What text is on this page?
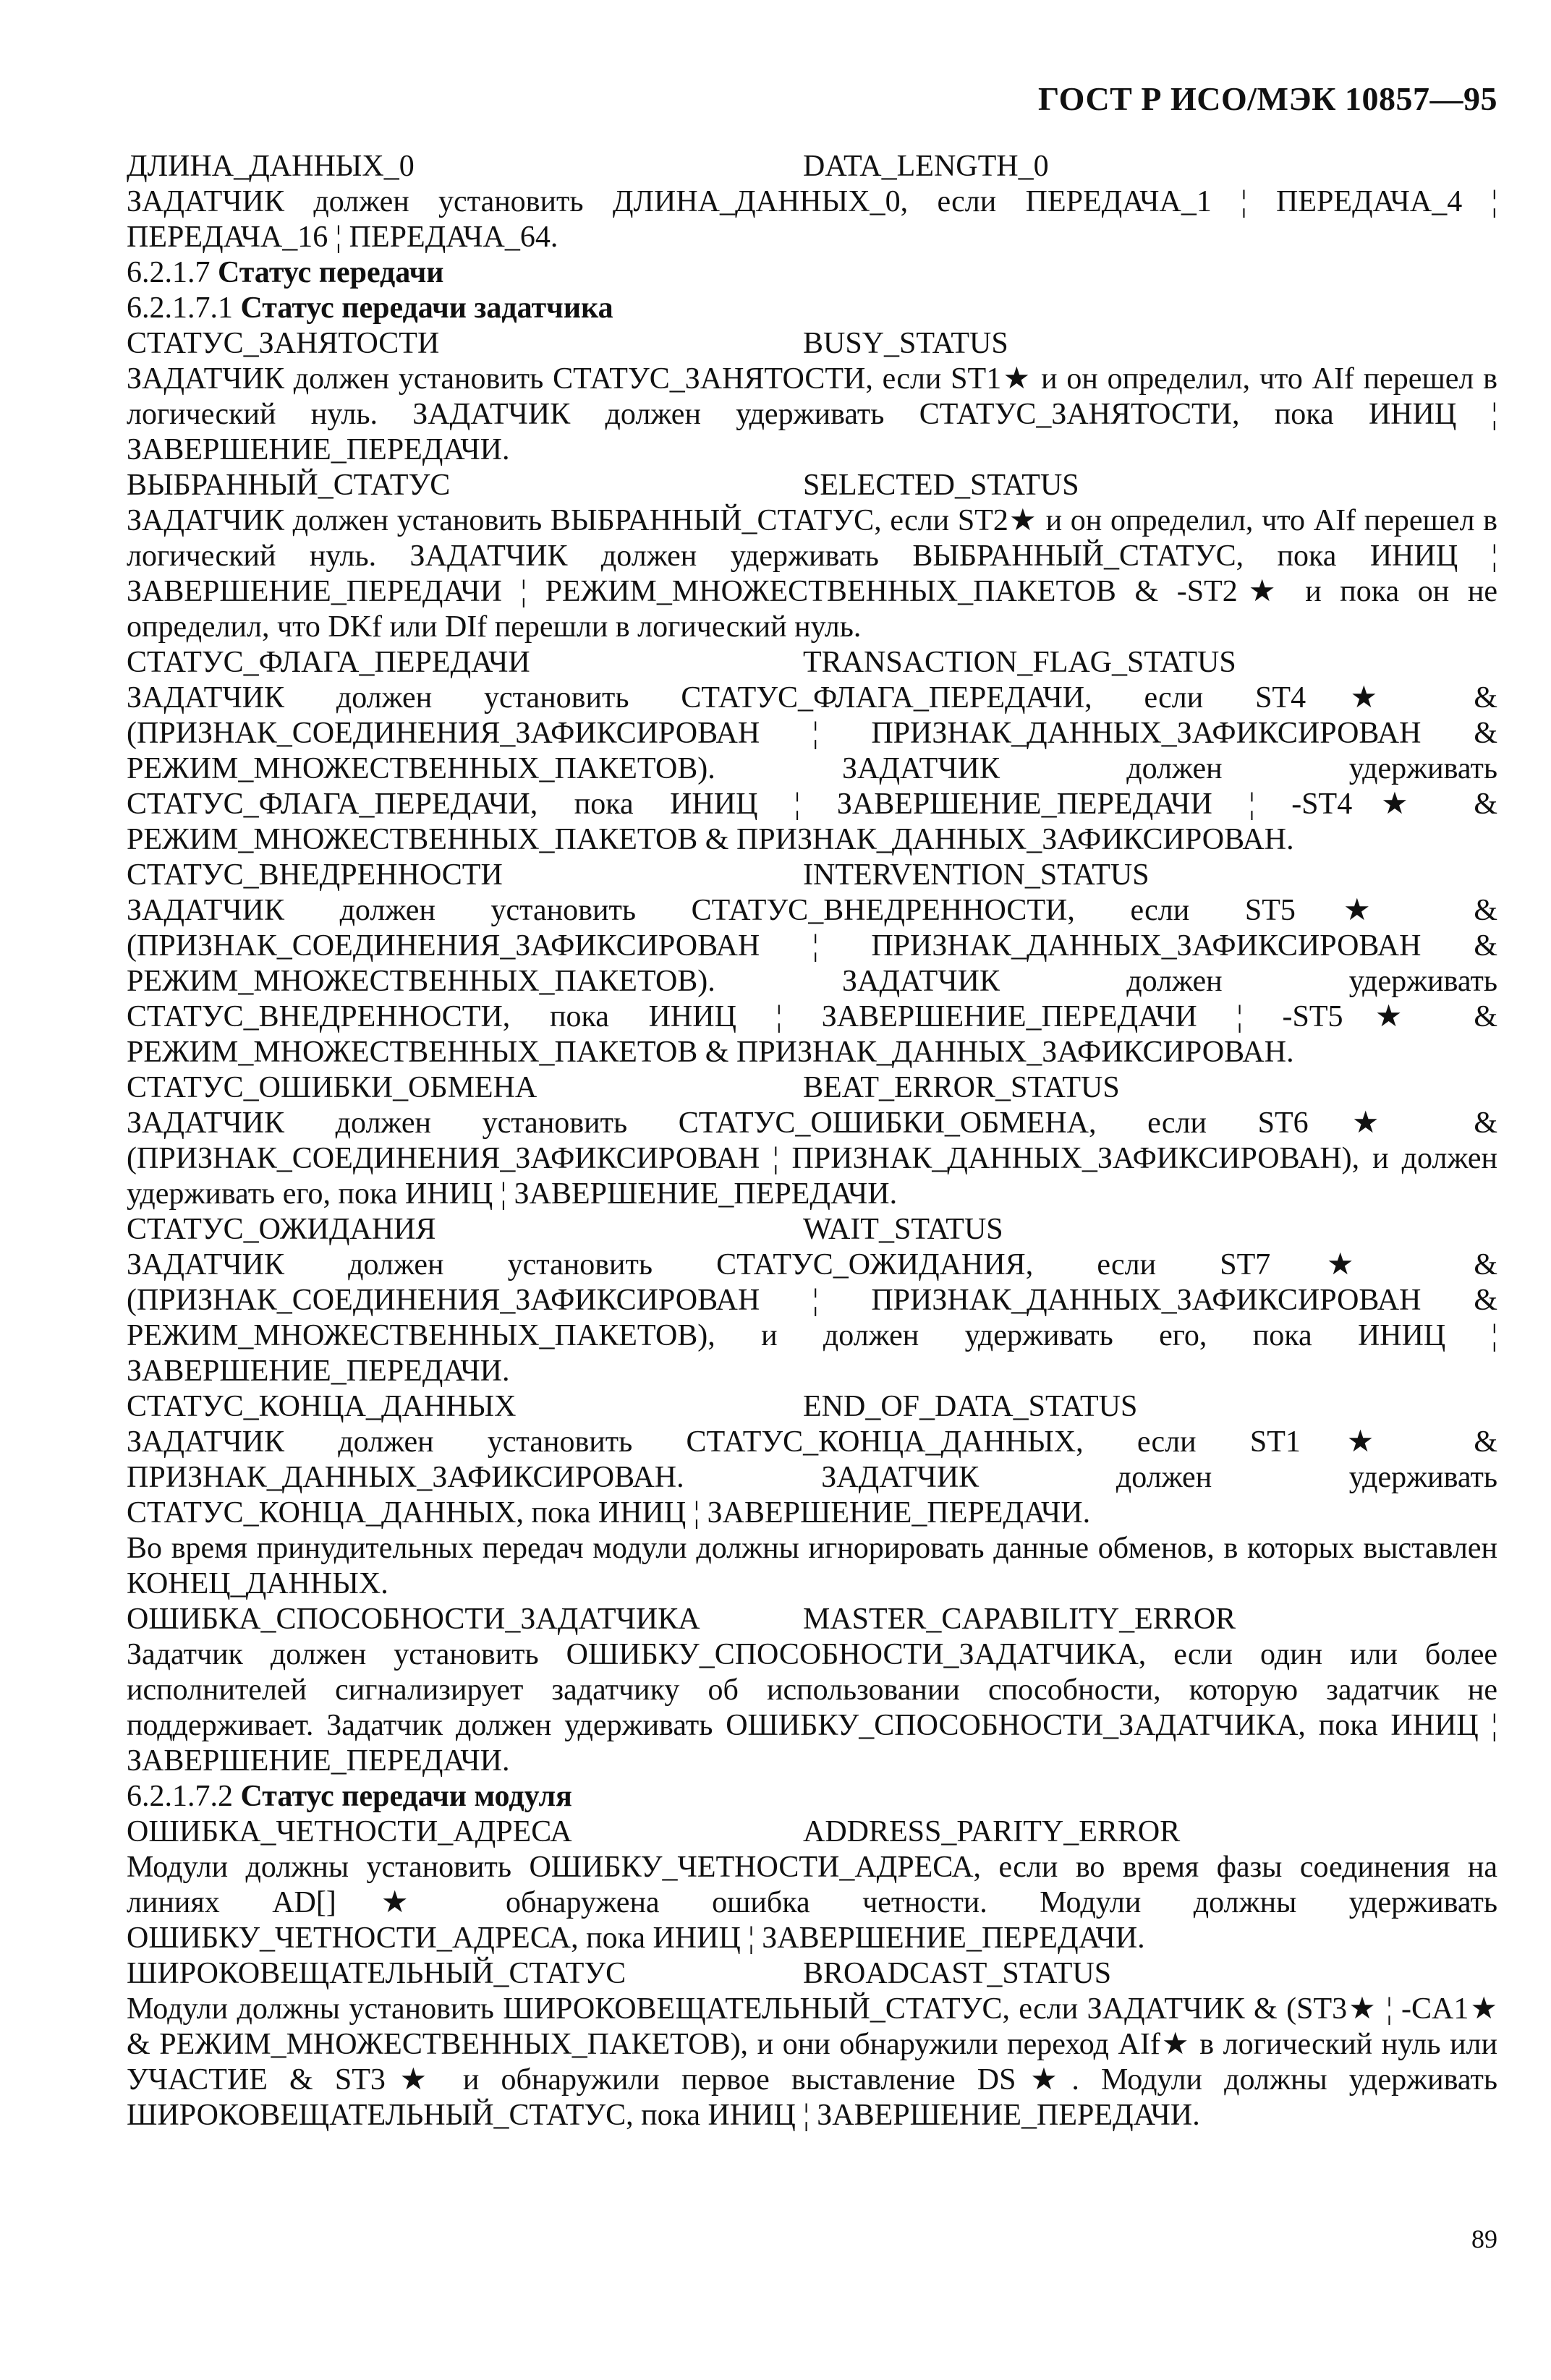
ГОСТ Р ИСО/МЭК 10857—95
ДЛИНА_ДАННЫХ_0	DATA_LENGTH_0

ЗАДАТЧИК должен установить ДЛИНА_ДАННЫХ_0, если ПЕРЕДАЧА_1 ¦ ПЕРЕДАЧА_4 ¦ ПЕРЕДАЧА_16 ¦ ПЕРЕДАЧА_64.

6.2.1.7 Статус передачи
6.2.1.7.1 Статус передачи задатчика
СТАТУС_ЗАНЯТОСТИ	BUSY_STATUS

ЗАДАТЧИК должен установить СТАТУС_ЗАНЯТОСТИ, если ST1★ и он определил, что AIf перешел в логический нуль. ЗАДАТЧИК должен удерживать СТАТУС_ЗАНЯТОСТИ, пока ИНИЦ ¦ ЗАВЕРШЕНИЕ_ПЕРЕДАЧИ.

ВЫБРАННЫЙ_СТАТУС	SELECTED_STATUS

ЗАДАТЧИК должен установить ВЫБРАННЫЙ_СТАТУС, если ST2★ и он определил, что AIf перешел в логический нуль. ЗАДАТЧИК должен удерживать ВЫБРАННЫЙ_СТАТУС, пока ИНИЦ ¦ ЗАВЕРШЕНИЕ_ПЕРЕДАЧИ ¦ РЕЖИМ_МНОЖЕСТВЕННЫХ_ПАКЕТОВ & -ST2★ и пока он не определил, что DKf или DIf перешли в логический нуль.

СТАТУС_ФЛАГА_ПЕРЕДАЧИ	TRANSACTION_FLAG_STATUS

ЗАДАТЧИК должен установить СТАТУС_ФЛАГА_ПЕРЕДАЧИ, если ST4★ & (ПРИЗНАК_СОЕДИНЕНИЯ_ЗАФИКСИРОВАН ¦ ПРИЗНАК_ДАННЫХ_ЗАФИКСИРОВАН & РЕЖИМ_МНОЖЕСТВЕННЫХ_ПАКЕТОВ). ЗАДАТЧИК должен удерживать СТАТУС_ФЛАГА_ПЕРЕДАЧИ, пока ИНИЦ ¦ ЗАВЕРШЕНИЕ_ПЕРЕДАЧИ ¦ -ST4★ & РЕЖИМ_МНОЖЕСТВЕННЫХ_ПАКЕТОВ & ПРИЗНАК_ДАННЫХ_ЗАФИКСИРОВАН.

СТАТУС_ВНЕДРЕННОСТИ	INTERVENTION_STATUS

ЗАДАТЧИК должен установить СТАТУС_ВНЕДРЕННОСТИ, если ST5★ & (ПРИЗНАК_СОЕДИНЕНИЯ_ЗАФИКСИРОВАН ¦ ПРИЗНАК_ДАННЫХ_ЗАФИКСИРОВАН & РЕЖИМ_МНОЖЕСТВЕННЫХ_ПАКЕТОВ). ЗАДАТЧИК должен удерживать СТАТУС_ВНЕДРЕННОСТИ, пока ИНИЦ ¦ ЗАВЕРШЕНИЕ_ПЕРЕДАЧИ ¦ -ST5★ & РЕЖИМ_МНОЖЕСТВЕННЫХ_ПАКЕТОВ & ПРИЗНАК_ДАННЫХ_ЗАФИКСИРОВАН.

СТАТУС_ОШИБКИ_ОБМЕНА	BEAT_ERROR_STATUS

ЗАДАТЧИК должен установить СТАТУС_ОШИБКИ_ОБМЕНА, если ST6★ & (ПРИЗНАК_СОЕДИНЕНИЯ_ЗАФИКСИРОВАН ¦ ПРИЗНАК_ДАННЫХ_ЗАФИКСИРОВАН), и должен удерживать его, пока ИНИЦ ¦ ЗАВЕРШЕНИЕ_ПЕРЕДАЧИ.

СТАТУС_ОЖИДАНИЯ	WAIT_STATUS

ЗАДАТЧИК должен установить СТАТУС_ОЖИДАНИЯ, если ST7★ & (ПРИЗНАК_СОЕДИНЕНИЯ_ЗАФИКСИРОВАН ¦ ПРИЗНАК_ДАННЫХ_ЗАФИКСИРОВАН & РЕЖИМ_МНОЖЕСТВЕННЫХ_ПАКЕТОВ), и должен удерживать его, пока ИНИЦ ¦ ЗАВЕРШЕНИЕ_ПЕРЕДАЧИ.

СТАТУС_КОНЦА_ДАННЫХ	END_OF_DATA_STATUS

ЗАДАТЧИК должен установить СТАТУС_КОНЦА_ДАННЫХ, если ST1★ & ПРИЗНАК_ДАННЫХ_ЗАФИКСИРОВАН. ЗАДАТЧИК должен удерживать СТАТУС_КОНЦА_ДАННЫХ, пока ИНИЦ ¦ ЗАВЕРШЕНИЕ_ПЕРЕДАЧИ.

Во время принудительных передач модули должны игнорировать данные обменов, в которых выставлен КОНЕЦ_ДАННЫХ.

ОШИБКА_СПОСОБНОСТИ_ЗАДАТЧИКА	MASTER_CAPABILITY_ERROR

Задатчик должен установить ОШИБКУ_СПОСОБНОСТИ_ЗАДАТЧИКА, если один или более исполнителей сигнализирует задатчику об использовании способности, которую задатчик не поддерживает. Задатчик должен удерживать ОШИБКУ_СПОСОБНОСТИ_ЗАДАТЧИКА, пока ИНИЦ ¦ ЗАВЕРШЕНИЕ_ПЕРЕДАЧИ.

6.2.1.7.2 Статус передачи модуля
ОШИБКА_ЧЕТНОСТИ_АДРЕСА	ADDRESS_PARITY_ERROR

Модули должны установить ОШИБКУ_ЧЕТНОСТИ_АДРЕСА, если во время фазы соединения на линиях AD[]★ обнаружена ошибка четности. Модули должны удерживать ОШИБКУ_ЧЕТНОСТИ_АДРЕСА, пока ИНИЦ ¦ ЗАВЕРШЕНИЕ_ПЕРЕДАЧИ.

ШИРОКОВЕЩАТЕЛЬНЫЙ_СТАТУС	BROADCAST_STATUS

Модули должны установить ШИРОКОВЕЩАТЕЛЬНЫЙ_СТАТУС, если ЗАДАТЧИК & (ST3★ ¦ -CA1★ & РЕЖИМ_МНОЖЕСТВЕННЫХ_ПАКЕТОВ), и они обнаружили переход AIf★ в логический нуль или УЧАСТИЕ & ST3★ и обнаружили первое выставление DS★. Модули должны удерживать ШИРОКОВЕЩАТЕЛЬНЫЙ_СТАТУС, пока ИНИЦ ¦ ЗАВЕРШЕНИЕ_ПЕРЕДАЧИ.

89
